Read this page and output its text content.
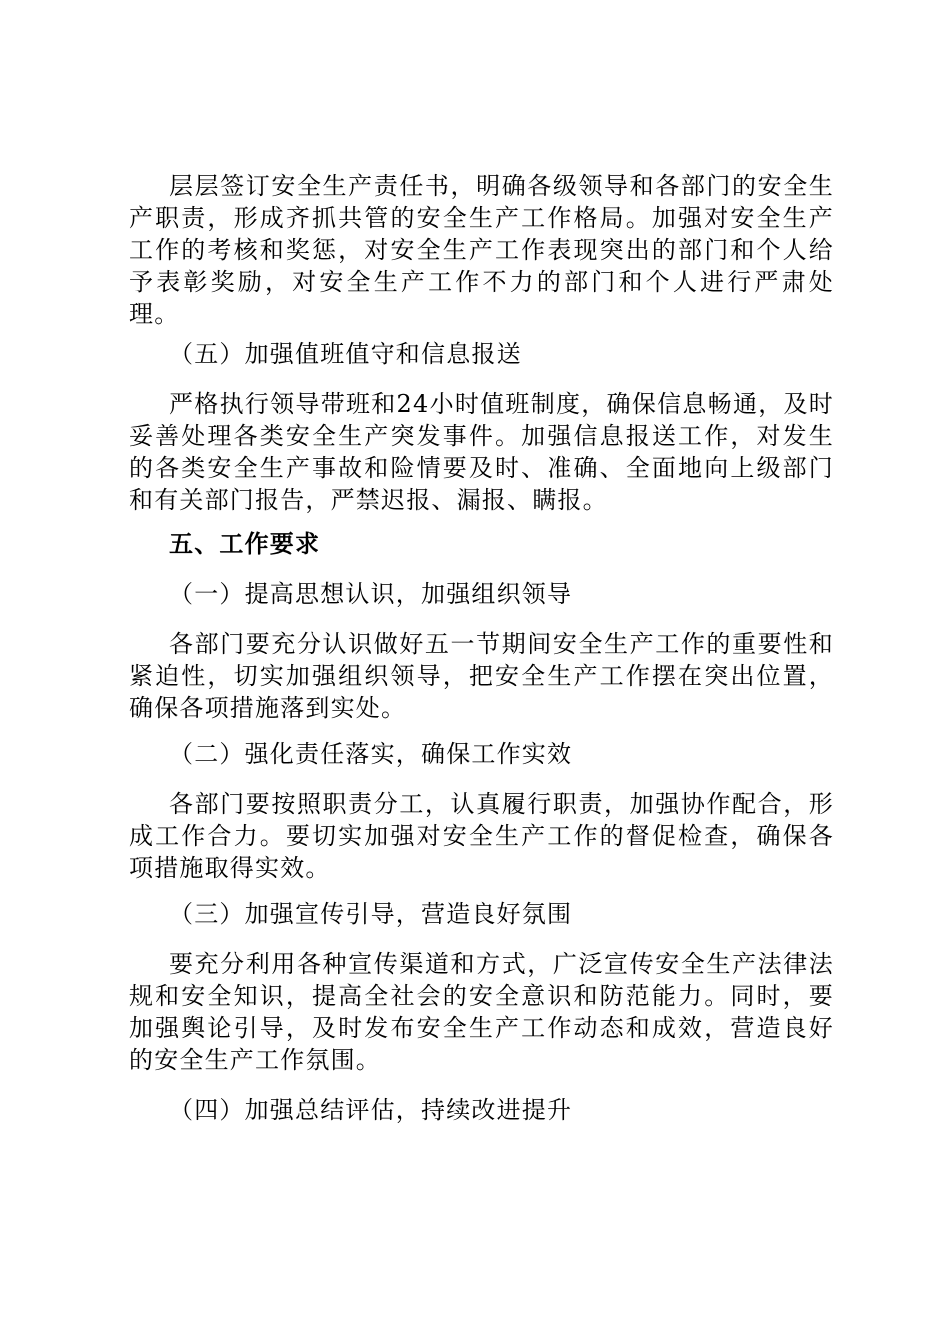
层层签订安全生产责任书，明确各级领导和各部门的安全生产职责，形成齐抓共管的安全生产工作格局。加强对安全生产工作的考核和奖惩，对安全生产工作表现突出的部门和个人给予表彰奖励，对安全生产工作不力的部门和个人进行严肃处理。

（五）加强值班值守和信息报送

严格执行领导带班和24小时值班制度，确保信息畅通，及时妥善处理各类安全生产突发事件。加强信息报送工作，对发生的各类安全生产事故和险情要及时、准确、全面地向上级部门和有关部门报告，严禁迟报、漏报、瞒报。

五、工作要求

（一）提高思想认识，加强组织领导

各部门要充分认识做好五一节期间安全生产工作的重要性和紧迫性，切实加强组织领导，把安全生产工作摆在突出位置，确保各项措施落到实处。

（二）强化责任落实，确保工作实效

各部门要按照职责分工，认真履行职责，加强协作配合，形成工作合力。要切实加强对安全生产工作的督促检查，确保各项措施取得实效。

（三）加强宣传引导，营造良好氛围

要充分利用各种宣传渠道和方式，广泛宣传安全生产法律法规和安全知识，提高全社会的安全意识和防范能力。同时，要加强舆论引导，及时发布安全生产工作动态和成效，营造良好的安全生产工作氛围。

（四）加强总结评估，持续改进提升
